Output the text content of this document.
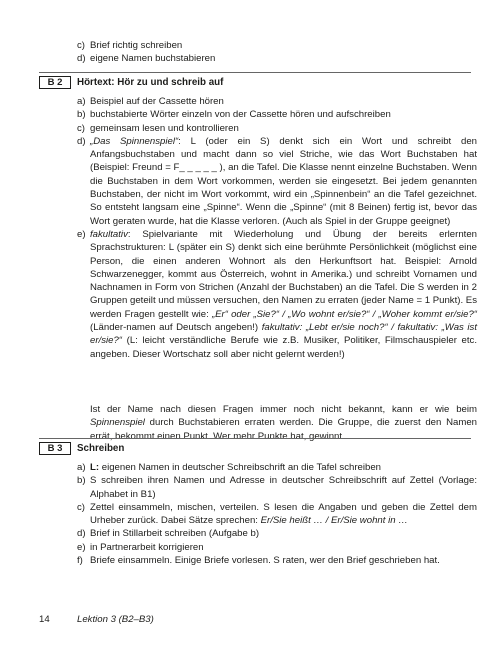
c) Brief richtig schreiben
d) eigene Namen buchstabieren
B 2	Hörtext: Hör zu und schreib auf
a) Beispiel auf der Cassette hören
b) buchstabierte Wörter einzeln von der Cassette hören und aufschreiben
c) gemeinsam lesen und kontrollieren
d) „Das Spinnenspiel“: L (oder ein S) denkt sich ein Wort und schreibt den Anfangsbuchstaben und macht dann so viel Striche, wie das Wort Buchstaben hat (Beispiel: Freund = F_ _ _ _ _ ), an die Tafel. Die Klasse nennt einzelne Buchstaben. Wenn die Buchstaben in dem Wort vorkommen, werden sie eingesetzt. Bei jedem genannten Buchstaben, der nicht im Wort vorkommt, wird ein „Spinnenbein“ an die Tafel gezeichnet. So entsteht langsam eine „Spinne“. Wenn die „Spinne“ (mit 8 Beinen) fertig ist, bevor das Wort geraten wurde, hat die Klasse verloren. (Auch als Spiel in der Gruppe geeignet)
e) fakultativ: Spielvariante mit Wiederholung und Übung der bereits erlernten Sprachstrukturen: L (später ein S) denkt sich eine berühmte Persönlichkeit (möglichst eine Person, die einen anderen Wohnort als den Herkunftsort hat. Beispiel: Arnold Schwarzenegger, kommt aus Österreich, wohnt in Amerika.) und schreibt Vornamen und Nachnamen in Form von Strichen (Anzahl der Buchstaben) an die Tafel. Die S werden in 2 Gruppen geteilt und müssen versuchen, den Namen zu erraten (jeder Name = 1 Punkt). Es werden Fragen gestellt wie: „Er“ oder „Sie?“ / „Wo wohnt er/sie?“ / „Woher kommt er/sie?“ (Länder-namen auf Deutsch angeben!) fakultativ: „Lebt er/sie noch?“ / fakultativ: „Was ist er/sie?“ (L: leicht verständliche Berufe wie z.B. Musiker, Politiker, Filmschauspieler etc. angeben. Dieser Wortschatz soll aber nicht gelernt werden!)

Ist der Name nach diesen Fragen immer noch nicht bekannt, kann er wie beim Spinnenspiel durch Buchstabieren erraten werden. Die Gruppe, die zuerst den Namen errät, bekommt einen Punkt. Wer mehr Punkte hat, gewinnt.

B 3	Schreiben
a) L: eigenen Namen in deutscher Schreibschrift an die Tafel schreiben
b) S schreiben ihren Namen und Adresse in deutscher Schreibschrift auf Zettel (Vorlage: Alphabet in B1)
c) Zettel einsammeln, mischen, verteilen. S lesen die Angaben und geben die Zettel dem Urheber zurück. Dabei Sätze sprechen: Er/Sie heißt … / Er/Sie wohnt in …
d) Brief in Stillarbeit schreiben (Aufgabe b)
e) in Partnerarbeit korrigieren
f) Briefe einsammeln. Einige Briefe vorlesen. S raten, wer den Brief geschrieben hat.
14	Lektion 3 (B2–B3)
